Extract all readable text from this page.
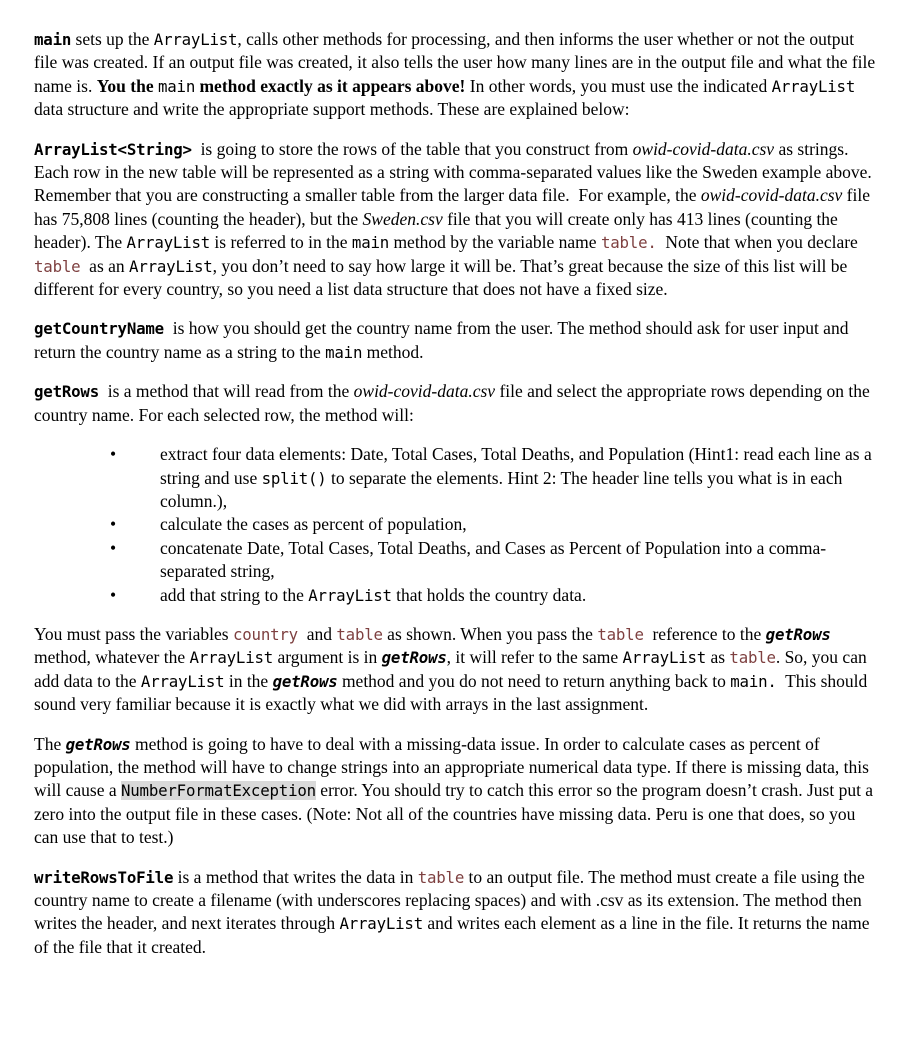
main sets up the ArrayList, calls other methods for processing, and then informs the user whether or not the output file was created. If an output file was created, it also tells the user how many lines are in the output file and what the file name is. You the main method exactly as it appears above! In other words, you must use the indicated ArrayList data structure and write the appropriate support methods. These are explained below:

ArrayList<String>  is going to store the rows of the table that you construct from owid-covid-data.csv as strings. Each row in the new table will be represented as a string with comma-separated values like the Sweden example above. Remember that you are constructing a smaller table from the larger data file.  For example, the owid-covid-data.csv file has 75,808 lines (counting the header), but the Sweden.csv file that you will create only has 413 lines (counting the header). The ArrayList is referred to in the main method by the variable name table.  Note that when you declare table  as an ArrayList, you don’t need to say how large it will be. That’s great because the size of this list will be different for every country, so you need a list data structure that does not have a fixed size.

getCountryName  is how you should get the country name from the user. The method should ask for user input and return the country name as a string to the main method.

getRows  is a method that will read from the owid-covid-data.csv file and select the appropriate rows depending on the country name. For each selected row, the method will:

• extract four data elements: Date, Total Cases, Total Deaths, and Population (Hint1: read each line as a string and use split() to separate the elements. Hint 2: The header line tells you what is in each column.),
• calculate the cases as percent of population,
• concatenate Date, Total Cases, Total Deaths, and Cases as Percent of Population into a comma-separated string,
• add that string to the ArrayList that holds the country data.

You must pass the variables country  and table as shown. When you pass the table  reference to the getRows method, whatever the ArrayList argument is in getRows, it will refer to the same ArrayList as table. So, you can add data to the ArrayList in the getRows method and you do not need to return anything back to main.  This should sound very familiar because it is exactly what we did with arrays in the last assignment.

The getRows method is going to have to deal with a missing-data issue. In order to calculate cases as percent of population, the method will have to change strings into an appropriate numerical data type. If there is missing data, this will cause a NumberFormatException error. You should try to catch this error so the program doesn’t crash. Just put a zero into the output file in these cases. (Note: Not all of the countries have missing data. Peru is one that does, so you can use that to test.)

writeRowsToFile is a method that writes the data in table to an output file. The method must create a file using the country name to create a filename (with underscores replacing spaces) and with .csv as its extension. The method then writes the header, and next iterates through ArrayList and writes each element as a line in the file. It returns the name of the file that it created.
